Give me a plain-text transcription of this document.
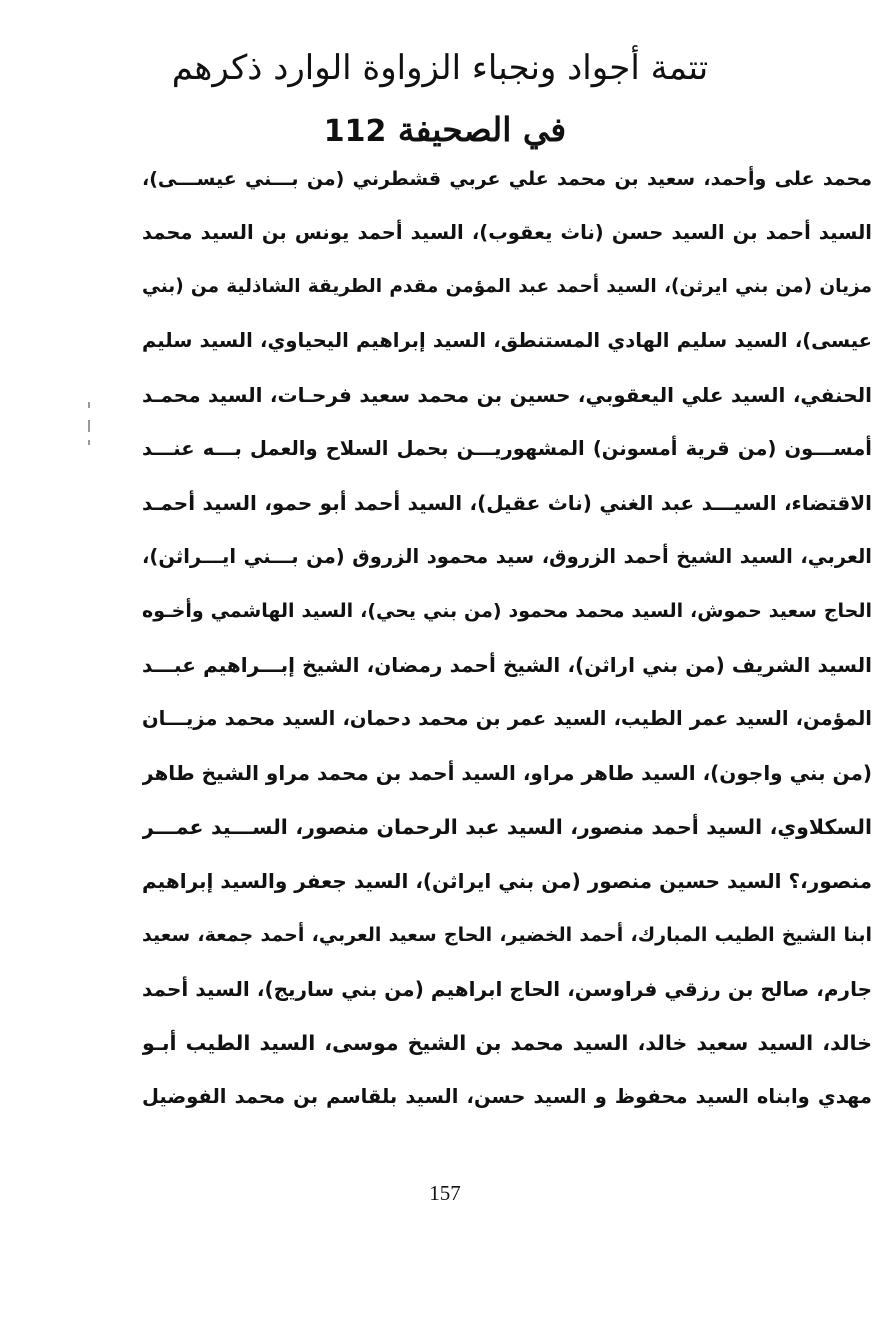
تتمة أجواد ونجباء الزواوة الوارد ذكرهم
في الصحيفة 112
محمد على وأحمد، سعيد بن محمد علي عربي قشطرني (من بـــني عيســـى)،
السيد أحمد بن السيد حسن (ناث يعقوب)، السيد أحمد يونس بن السيد محمد
مزيان (من بني ايرثن)، السيد أحمد عبد المؤمن مقدم الطريقة الشاذلية من (بني
عيسى)، السيد سليم الهادي المستنطق، السيد إبراهيم اليحياوي، السيد سليم
الحنفي، السيد علي اليعقوبي، حسين بن محمد سعيد فرحـات، السيد محمـد
أمســـون (من قرية أمسونن) المشهوريـــن بحمل السلاح والعمل بـــه عنـــد
الاقتضاء، السيـــد عبد الغني (ناث عقيل)، السيد أحمد أبو حمو، السيد أحمـد
العربي، السيد الشيخ أحمد الزروق، سيد محمود الزروق (من بـــني ايـــراثن)،
الحاج سعيد حموش، السيد محمد محمود (من بني يحي)، السيد الهاشمي وأخـوه
السيد الشريف (من بني اراثن)، الشيخ أحمد رمضان، الشيخ إبـــراهيم عبـــد
المؤمن، السيد عمر الطيب، السيد عمر بن محمد دحمان، السيد محمد مزيـــان
(من بني واجون)، السيد طاهر مراو، السيد أحمد بن محمد مراو الشيخ طاهر
السكلاوي، السيد أحمد منصور، السيد عبد الرحمان منصور، الســـيد عمـــر
منصور،؟ السيد حسين منصور (من بني ايراثن)، السيد جعفر والسيد إبراهيم
ابنا الشيخ الطيب المبارك، أحمد الخضير، الحاج سعيد العربي، أحمد جمعة، سعيد
جارم، صالح بن رزقي فراوسن، الحاج ابراهيم (من بني ساريج)، السيد أحمد
خالد، السيد سعيد خالد، السيد محمد بن الشيخ موسى، السيد الطيب أبـو
مهدي وابناه السيد محفوظ و السيد حسن، السيد بلقاسم بن محمد الفوضيل
157
